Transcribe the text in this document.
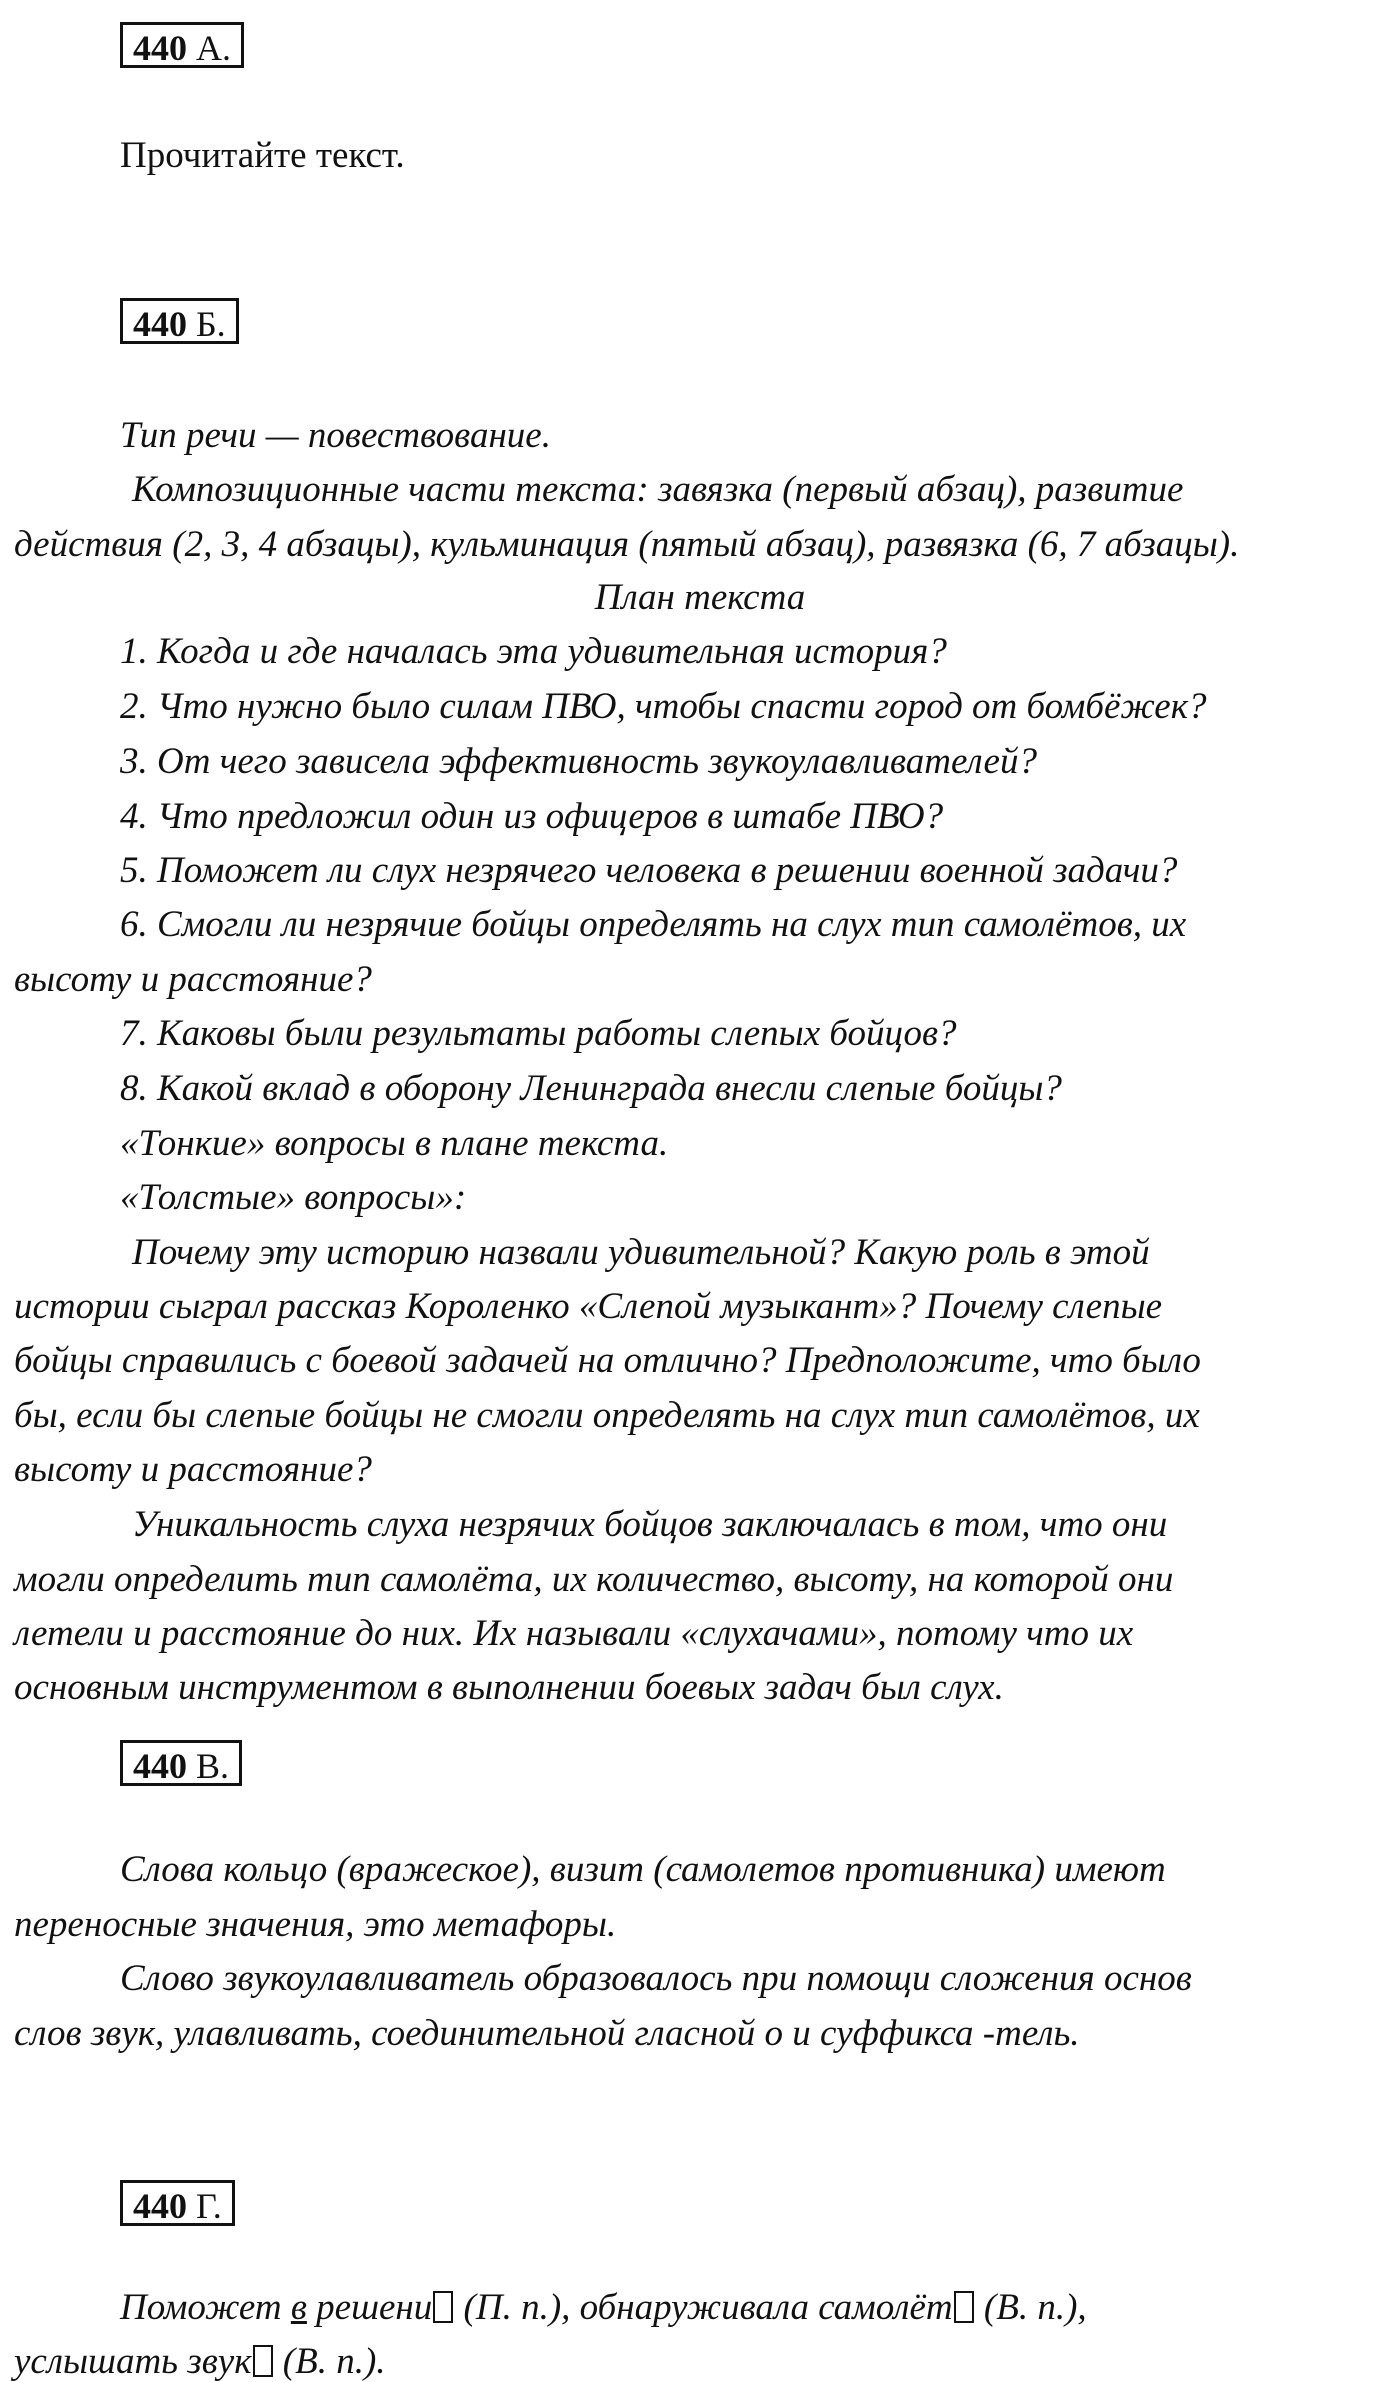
440 А.
Прочитайте текст.
440 Б.
Тип речи — повествование.
Композиционные части текста: завязка (первый абзац), развитие
действия (2, 3, 4 абзацы), кульминация (пятый абзац), развязка (6, 7 абзацы).
План текста
1. Когда и где началась эта удивительная история?
2. Что нужно было силам ПВО, чтобы спасти город от бомбёжек?
3. От чего зависела эффективность звукоулавливателей?
4. Что предложил один из офицеров в штабе ПВО?
5. Поможет ли слух незрячего человека в решении военной задачи?
6. Смогли ли незрячие бойцы определять на слух тип самолётов, их
высоту и расстояние?
7. Каковы были результаты работы слепых бойцов?
8. Какой вклад в оборону Ленинграда внесли слепые бойцы?
«Тонкие» вопросы в плане текста.
«Толстые» вопросы»:
Почему эту историю назвали удивительной? Какую роль в этой
истории сыграл рассказ Короленко «Слепой музыкант»? Почему слепые
бойцы справились с боевой задачей на отлично? Предположите, что было
бы, если бы слепые бойцы не смогли определять на слух тип самолётов, их
высоту и расстояние?
Уникальность слуха незрячих бойцов заключалась в том, что они
могли определить тип самолёта, их количество, высоту, на которой они
летели и расстояние до них. Их называли «слухачами», потому что их
основным инструментом в выполнении боевых задач был слух.
440 В.
Слова кольцо (вражеское), визит (самолетов противника) имеют
переносные значения, это метафоры.
Слово звукоулавливатель образовалось при помощи сложения основ
слов звук, улавливать, соединительной гласной о и суффикса -тель.
440 Г.
Поможет в решени (П. п.), обнаруживала самолёт (В. п.),
услышать звук (В. п.).
